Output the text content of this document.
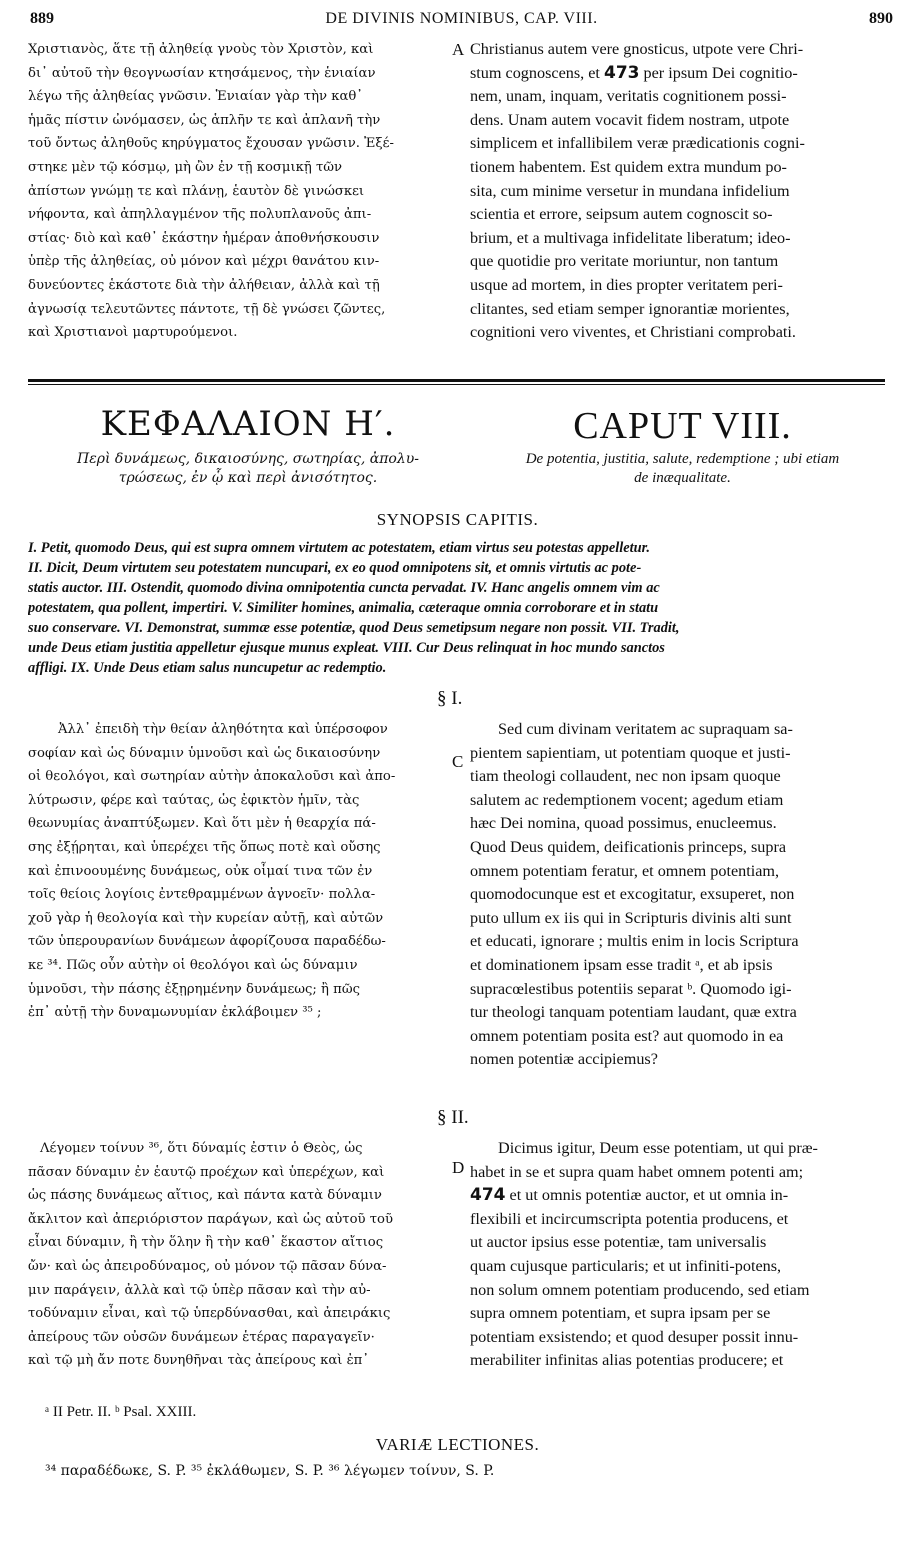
889	DE DIVINIS NOMINIBUS, CAP. VIII.	890
Χριστιανὸς, ἅτε τῇ ἀληθείᾳ γνοὺς τὸν Χριστὸν, καὶ
δι᾽ αὐτοῦ τὴν θεογνωσίαν κτησάμενος, τὴν ἑνιαίαν
λέγω τῆς ἀληθείας γνῶσιν. Ἑνιαίαν γὰρ τὴν καθ᾽
ἡμᾶς πίστιν ὠνόμασεν, ὡς ἁπλῆν τε καὶ ἀπλανῆ τὴν
τοῦ ὄντως ἀληθοῦς κηρύγματος ἔχουσαν γνῶσιν. Ἐξέ-
στηκε μὲν τῷ κόσμῳ, μὴ ὢν ἐν τῇ κοσμικῇ τῶν
ἀπίστων γνώμῃ τε καὶ πλάνῃ, ἑαυτὸν δὲ γινώσκει
νήφοντα, καὶ ἀπηλλαγμένον τῆς πολυπλανοῦς ἀπι-
στίας· διὸ καὶ καθ᾽ ἑκάστην ἡμέραν ἀποθνήσκουσιν
ὑπὲρ τῆς ἀληθείας, οὐ μόνον καὶ μέχρι θανάτου κιν-
δυνεύοντες ἑκάστοτε διὰ τὴν ἀλήθειαν, ἀλλὰ καὶ τῇ
ἀγνωσίᾳ τελευτῶντες πάντοτε, τῇ δὲ γνώσει ζῶντες,
καὶ Χριστιανοὶ μαρτυρούμενοι.
A Christianus autem vere gnosticus, utpote vere Chri-
stum cognoscens, et 473 per ipsum Dei cognitio-
nem, unam, inquam, veritatis cognitionem possi-
dens. Unam autem vocavit fidem nostram, utpote
simplicem et infallibilem veræ prædicationis cogni-
tionem habentem. Est quidem extra mundum po-
sita, cum minime versetur in mundana infidelium
scientia et errore, seipsum autem cognoscit so-
brium, et a multivaga infidelitate liberatum; ideo-
que quotidie pro veritate moriuntur, non tantum
usque ad mortem, in dies propter veritatem peri-
clitantes, sed etiam semper ignorantiæ morientes,
cognitioni vero viventes, et Christiani comprobati.
ΚΕΦΑΛΑΙΟΝ Η′.	CAPUT VIII.
Περὶ δυνάμεως, δικαιοσύνης, σωτηρίας, ἀπολυ-
τρώσεως, ἐν ᾧ καὶ περὶ ἀνισότητος.
De potentia, justitia, salute, redemptione ; ubi etiam
de inæqualitate.
SYNOPSIS CAPITIS.
I. Petit, quomodo Deus, qui est supra omnem virtutem ac potestatem, etiam virtus seu potestas appelletur.
II. Dicit, Deum virtutem seu potestatem nuncupari, ex eo quod omnipotens sit, et omnis virtutis ac pote-
statis auctor. III. Ostendit, quomodo divina omnipotentia cuncta pervadat. IV. Hanc angelis omnem vim ac
potestatem, qua pollent, impertiri. V. Similiter homines, animalia, cæteraque omnia corroborare et in statu
suo conservare. VI. Demonstrat, summæ esse potentiæ, quod Deus semetipsum negare non possit. VII. Tradit,
unde Deus etiam justitia appelletur ejusque munus expleat. VIII. Cur Deus relinquat in hoc mundo sanctos
affligi. IX. Unde Deus etiam salus nuncupetur ac redemptio.
§ I.
Ἀλλ᾽ ἐπειδὴ τὴν θείαν ἀληθότητα καὶ ὑπέρσοφον
σοφίαν καὶ ὡς δύναμιν ὑμνοῦσι καὶ ὡς δικαιοσύνην
οἱ θεολόγοι, καὶ σωτηρίαν αὐτὴν ἀποκαλοῦσι καὶ ἀπο-
λύτρωσιν, φέρε καὶ ταύτας, ὡς ἐφικτὸν ἡμῖν, τὰς
θεωνυμίας ἀναπτύξωμεν. Καὶ ὅτι μὲν ἡ θεαρχία πά-
σης ἐξῄρηται, καὶ ὑπερέχει τῆς ὅπως ποτὲ καὶ οὔσης
καὶ ἐπινοουμένης δυνάμεως, οὐκ οἶμαί τινα τῶν ἐν
τοῖς θείοις λογίοις ἐντεθραμμένων ἀγνοεῖν· πολλα-
χοῦ γὰρ ἡ θεολογία καὶ τὴν κυρείαν αὐτῇ, καὶ αὐτῶν
τῶν ὑπερουρανίων δυνάμεων ἀφορίζουσα παραδέδω-
κε ³⁴. Πῶς οὖν αὐτὴν οἱ θεολόγοι καὶ ὡς δύναμιν
ὑμνοῦσι, τὴν πάσης ἐξῃρημένην δυνάμεως; ἢ πῶς
ἐπ᾽ αὐτῇ τὴν δυναμωνυμίαν ἐκλάβοιμεν ³⁵ ;
C
Sed cum divinam veritatem ac supraquam sa-
pientem sapientiam, ut potentiam quoque et justi-
tiam theologi collaudent, nec non ipsam quoque
salutem ac redemptionem vocent; agedum etiam
hæc Dei nomina, quoad possimus, enucleemus.
Quod Deus quidem, deificationis princeps, supra
omnem potentiam feratur, et omnem potentiam,
quomodocunque est et excogitatur, exsuperet, non
puto ullum ex iis qui in Scripturis divinis alti sunt
et educati, ignorare ; multis enim in locis Scriptura
et dominationem ipsam esse tradit ᵃ, et ab ipsis
supracœlestibus potentiis separat ᵇ. Quomodo igi-
tur theologi tanquam potentiam laudant, quæ extra
omnem potentiam posita est? aut quomodo in ea
nomen potentiæ accipiemus?
§ II.
Λέγομεν τοίνυν ³⁶, ὅτι δύναμίς ἐστιν ὁ Θεὸς, ὡς
πᾶσαν δύναμιν ἐν ἑαυτῷ προέχων καὶ ὑπερέχων, καὶ
ὡς πάσης δυνάμεως αἴτιος, καὶ πάντα κατὰ δύναμιν
ἄκλιτον καὶ ἀπεριόριστον παράγων, καὶ ὡς αὐτοῦ τοῦ
εἶναι δύναμιν, ἢ τὴν ὅλην ἢ τὴν καθ᾽ ἕκαστον αἴτιος
ὤν· καὶ ὡς ἀπειροδύναμος, οὐ μόνον τῷ πᾶσαν δύνα-
μιν παράγειν, ἀλλὰ καὶ τῷ ὑπὲρ πᾶσαν καὶ τὴν αὐ-
τοδύναμιν εἶναι, καὶ τῷ ὑπερδύνασθαι, καὶ ἀπειράκις
ἀπείρους τῶν οὐσῶν δυνάμεων ἑτέρας παραγαγεῖν·
καὶ τῷ μὴ ἄν ποτε δυνηθῆναι τὰς ἀπείρους καὶ ἐπ᾽
D
Dicimus igitur, Deum esse potentiam, ut qui præ-
habet in se et supra quam habet omnem potenti am;
474 et ut omnis potentiæ auctor, et ut omnia in-
flexibili et incircumscripta potentia producens, et
ut auctor ipsius esse potentiæ, tam universalis
quam cujusque particularis; et ut infiniti-potens,
non solum omnem potentiam producendo, sed etiam
supra omnem potentiam, et supra ipsam per se
potentiam exsistendo; et quod desuper possit innu-
merabiliter infinitas alias potentias producere; et
ᵃ II Petr. II. ᵇ Psal. XXIII.
VARIÆ LECTIONES.
³⁴ παραδέδωκε, S. P. ³⁵ ἐκλάθωμεν, S. P. ³⁶ λέγωμεν τοίνυν, S. P.
